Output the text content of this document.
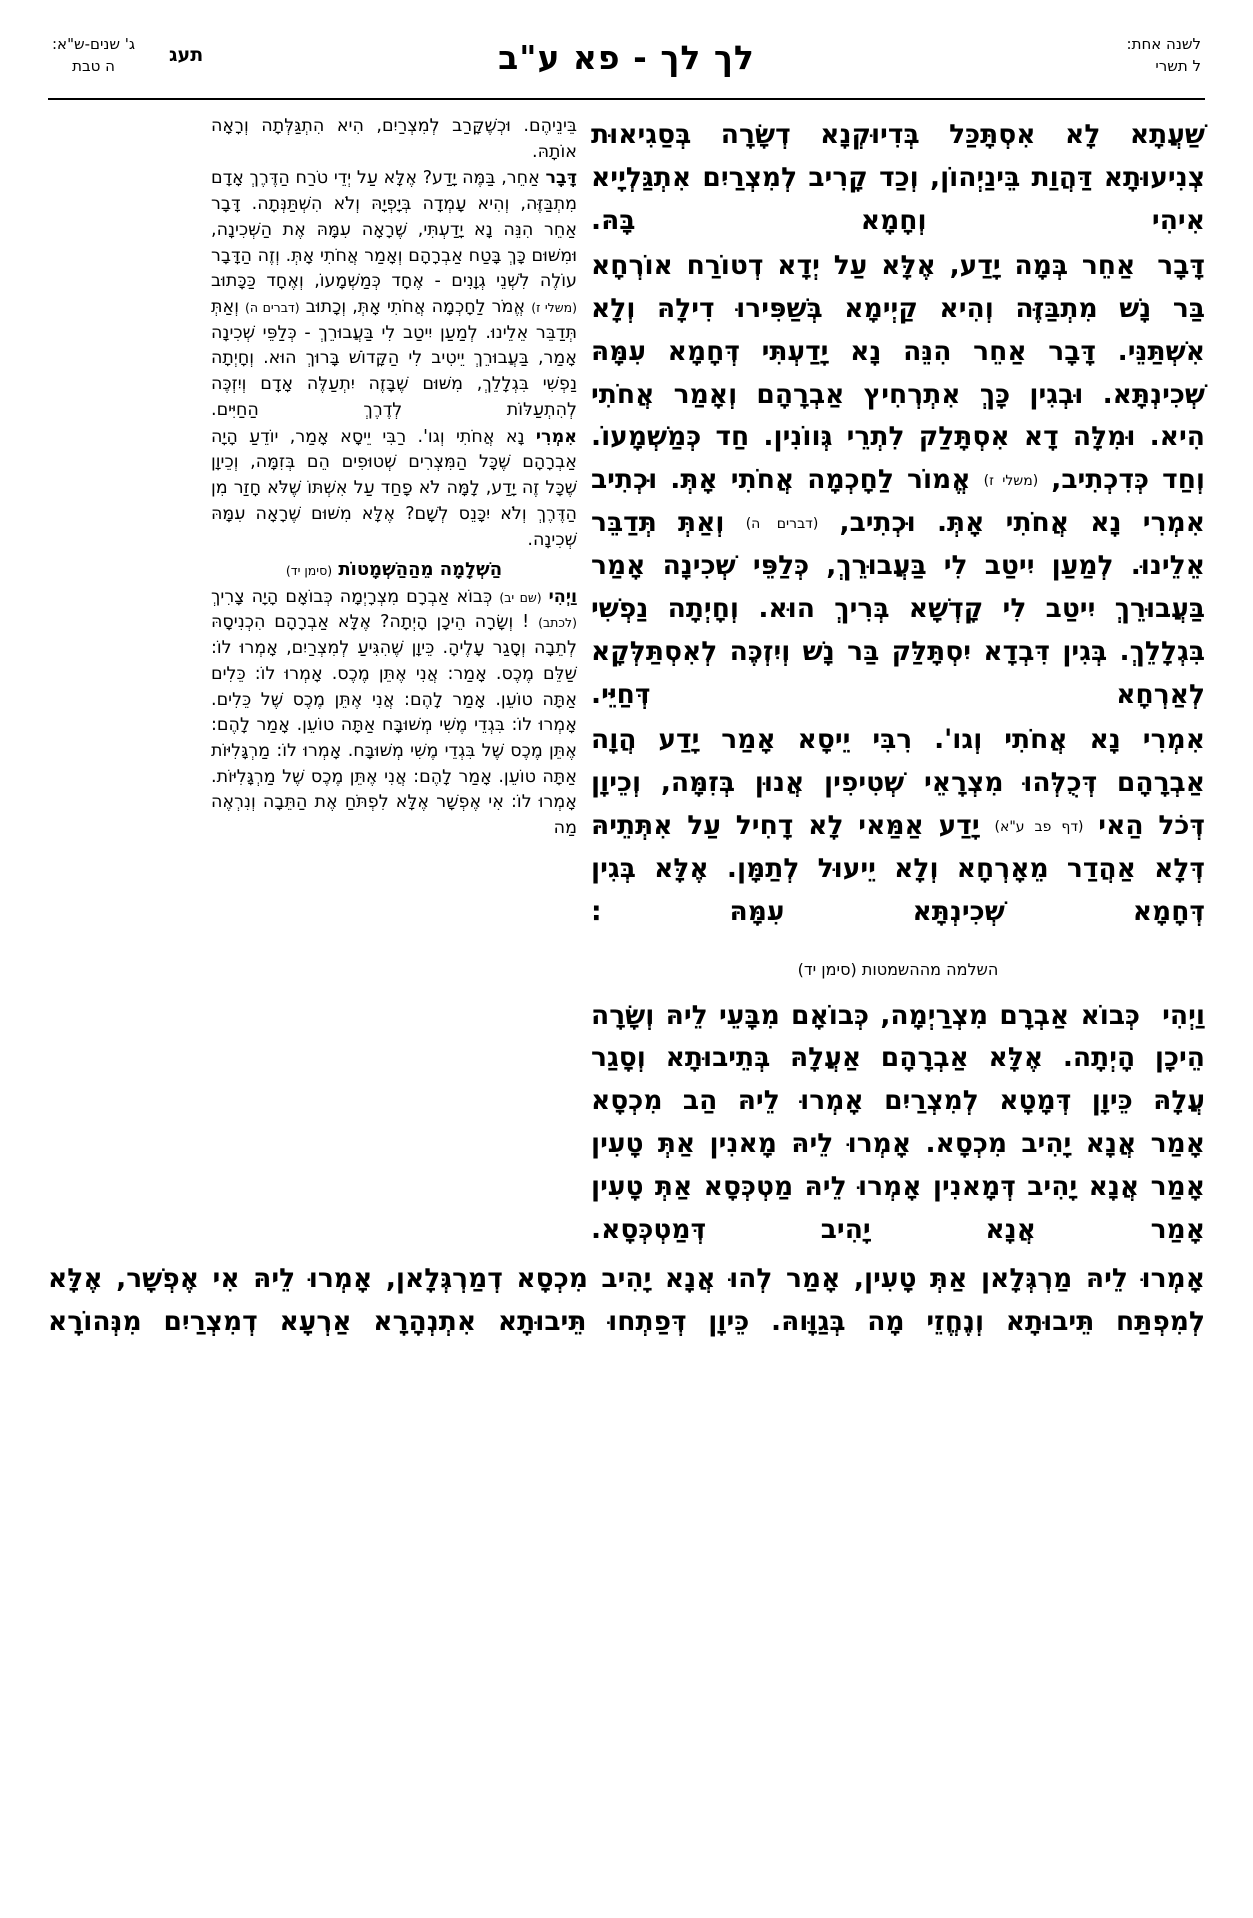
לשנה אחת:
ל תשרי
לך לך - פא ע"ב
תעג
ג' שנים-ש"א:
ה טבת

שַׁעֲתָא לָא אִסְתָּכַּל בְּדִיוּקְנָא דְשָׂרָה בְּסַגִיאוּת צְנִיעוּתָא דַּהֲוַת בֵּינַיְהוֹן, וְכַד קָרִיב לְמִצְרַיִם אִתְגַּלְיָיא אִיהִי וְחָמָא בָּהּ.

דָּבָראַחֵר בְּמָה יָדַע, אֶלָּא עַל יְדָא דְטוֹרַח אוֹרְחָא בַּר נָשׁ מִתְבַּזֶּה וְהִיא קַיְימָא בְּשַׁפִּירוּ דִילָהּ וְלָא אִשְׁתַּנֵּי. דָּבָר אַחֵר הִנֵּה נָא יָדַעְתִּי דְּחָמָא עִמָּהּ שְׁכִינְתָּא. וּבְגִין כָּךְ אִתְרְחִיץ אַבְרָהָם וְאָמַר אֲחֹתִי הִיא. וּמִלָּה דָא אִסְתָּלַק לִתְרֵי גְּווֹנִין. חַד כְּמַשְׁמָעוֹ. וְחַד כְּדִכְתִיב, (משלי ז) אֱמוֹר לַחָכְמָה אֲחֹתִי אָתְּ. וּכְתִיב אִמְרִי נָא אֲחֹתִי אָתְּ. וּכְתִיב, (דברים ה) וְאַתְּ תְּדַבֵּר אֵלֵינוּ. לְמַעַן יִיטַב לִי בַּעֲבוּרֵךְ, כְּלַפֵּי שְׁכִינָה אָמַר בַּעֲבוּרֵךְ יִיטַב לִי קָדְשָׁא בְּרִיךְ הוּא. וְחָיְתָה נַפְשִׁי בִּגְלָלֵךְ. בְּגִין דִּבְדָא יִסְתָּלַּק בַּר נָשׁ וְיִזְכֶּה לְאִסְתַּלְּקָא לְאַרְחָא דְּחַיֵּי.

אִמְרִינָא אֲחֹתִי וְגו'. רִבִּי יֵיסָא אָמַר יָדַע הֲוָה אַבְרָהָם דְּכֻלְּהוּ מִצְרָאֵי שְׁטִיפִין אֲנוּן בְּזִמָּה, וְכֵיוָן דְּכֹל הַאי (דף פב ע"א) יָדַע אַמַּאי לָא דָחִיל עַל אִתְּתֵיהּ דְּלָא אַהֲדַר מֵאָרְחָא וְלָא יֵיעוּל לְתַמָּן. אֶלָּא בְּגִין דְּחָמָא שְׁכִינְתָּא עִמָּהּ :

השלמה מההשמטות (סימן יד)

וַיְהִיכְּבוֹא אַבְרָם מִצְרַיְמָה, כְּבוֹאָם מִבָּעֵי לֵיהּ וְשָׂרָה הֵיכָן הָיְתָה. אֶלָּא אַבְרָהָם אַעֲלָהּ בְּתֵיבוּתָא וְסָגַר עֲלָהּ כֵּיוָן דְּמָטָא לְמִצְרַיִם אָמְרוּ לֵיהּ הַב מִכְסָא אָמַר אֲנָא יָהִיב מִכְסָא. אָמְרוּ לֵיהּ מָאנִין אַתְּ טָעִין אָמַר אֲנָא יָהִיב דְּמָאנִין אָמְרוּ לֵיהּ מַטְכְּסָא אַתְּ טָעִין אָמַר אֲנָא יָהִיב דְּמַטְכְּסָא.

בֵּינֵיהֶם. וּכְשֶׁקָּרַב לְמִצְרַיִם, הִיא הִתְגַּלְּתָה וְרָאָה אוֹתָהּ.

דָּבָר אַחֵר, בַּמֶּה יָדַע? אֶלָּא עַל יְדֵי טֹרַח הַדֶּרֶךְ אָדָם מִתְבַּזֶּה, וְהִיא עָמְדָה בְּיָפְיָהּ וְלֹא הִשְׁתַּנְּתָה. דָּבָר אַחֵר הִנֵּה נָא יָדַעְתִּי, שֶׁרָאָה עִמָּהּ אֶת הַשְּׁכִינָה, וּמִשּׁוּם כָּךְ בָּטַח אַבְרָהָם וְאָמַר אֲחֹתִי אָתְּ. וְזֶה הַדָּבָר עוֹלֶה לִשְׁנֵי גְוָנִים - אֶחָד כְּמַשְׁמָעוֹ, וְאֶחָד כַּכָּתוּב (משלי ז) אֱמֹר לַחָכְמָה אֲחֹתִי אָתְּ, וְכָתוּב (דברים ה) וְאַתְּ תְּדַבֵּר אֵלֵינוּ. לְמַעַן יִיטַב לִי בַּעֲבוּרֵךְ - כְּלַפֵּי שְׁכִינָה אָמַר, בַּעֲבוּרֵךְ יֵיטִיב לִי הַקָּדוֹשׁ בָּרוּךְ הוּא. וְחָיְתָה נַפְשִׁי בִּגְלָלֵךְ, מִשּׁוּם שֶׁבָּזֶה יִתְעַלֶּה אָדָם וְיִזְכֶּה לְהִתְעַלּוֹת לְדֶרֶךְ הַחַיִּים.

אִמְרִי נָא אֲחֹתִי וְגו'. רַבִּי יֵיסָא אָמַר, יוֹדֵעַ הָיָה אַבְרָהָם שֶׁכָּל הַמִּצְרִים שְׁטוּפִים הֵם בְּזִמָּה, וְכֵיוָן שֶׁכָּל זֶה יָדַע, לָמָּה לֹא פָחַד עַל אִשְׁתּוֹ שֶׁלֹּא חָזַר מִן הַדֶּרֶךְ וְלֹא יִכָּנֵס לְשָׁם? אֶלָּא מִשּׁוּם שֶׁרָאָה עִמָּהּ שְׁכִינָה.

הַשְׁלָמָה מֵהַהַשְׁמָטוֹת (סימן יד)

וַיְהִי (שם יב) כְּבוֹא אַבְרָם מִצְרָיְמָה כְּבוֹאָם הָיָה צָרִיךְ (לכתב) ! וְשָׂרָה הֵיכָן הָיְתָה? אֶלָּא אַבְרָהָם הִכְנִיסָהּ לְתֵבָה וְסָגַר עָלֶיהָ. כֵּיוָן שֶׁהִגִּיעַ לְמִצְרַיִם, אָמְרוּ לוֹ: שַׁלֵּם מֶכֶס. אָמַר: אֲנִי אֶתֵּן מֶכֶס. אָמְרוּ לוֹ: כֵּלִים אַתָּה טוֹעֵן. אָמַר לָהֶם: אֲנִי אֶתֵּן מֶכֶס שֶׁל כֵּלִים. אָמְרוּ לוֹ: בִּגְדֵי מֶשִׁי מְשׁוּבָּח אַתָּה טוֹעֵן. אָמַר לָהֶם: אֶתֵּן מֶכֶס שֶׁל בִּגְדֵי מֶשִׁי מְשׁוּבָּח. אָמְרוּ לוֹ: מַרְגָּלִיּוֹת אַתָּה טוֹעֵן. אָמַר לָהֶם: אֲנִי אֶתֵּן מֶכֶס שֶׁל מַרְגָּלִיּוֹת. אָמְרוּ לוֹ: אִי אֶפְשָׁר אֶלָּא לִפְתֹּחַ אֶת הַתֵּבָה וְנִרְאֶה מַה

אָמְרוּ לֵיהּ מַרְגְּלָאן אַתְּ טָעִין, אָמַר לְהוּ אֲנָא יָהִיב מִכְסָא דְמַרְגְּלָאן, אָמְרוּ לֵיהּ אִי אֶפְשָׁר, אֶלָּא לְמִפְתַּח תֵּיבוּתָא וְנֶחֱזֵי מָה בְּגַוָּוהּ. כֵּיוָן דְּפַתְחוּ תֵּיבוּתָא אִתְנְהָרָא אַרְעָא דְמִצְרַיִם מִנְּהוֹרָא
